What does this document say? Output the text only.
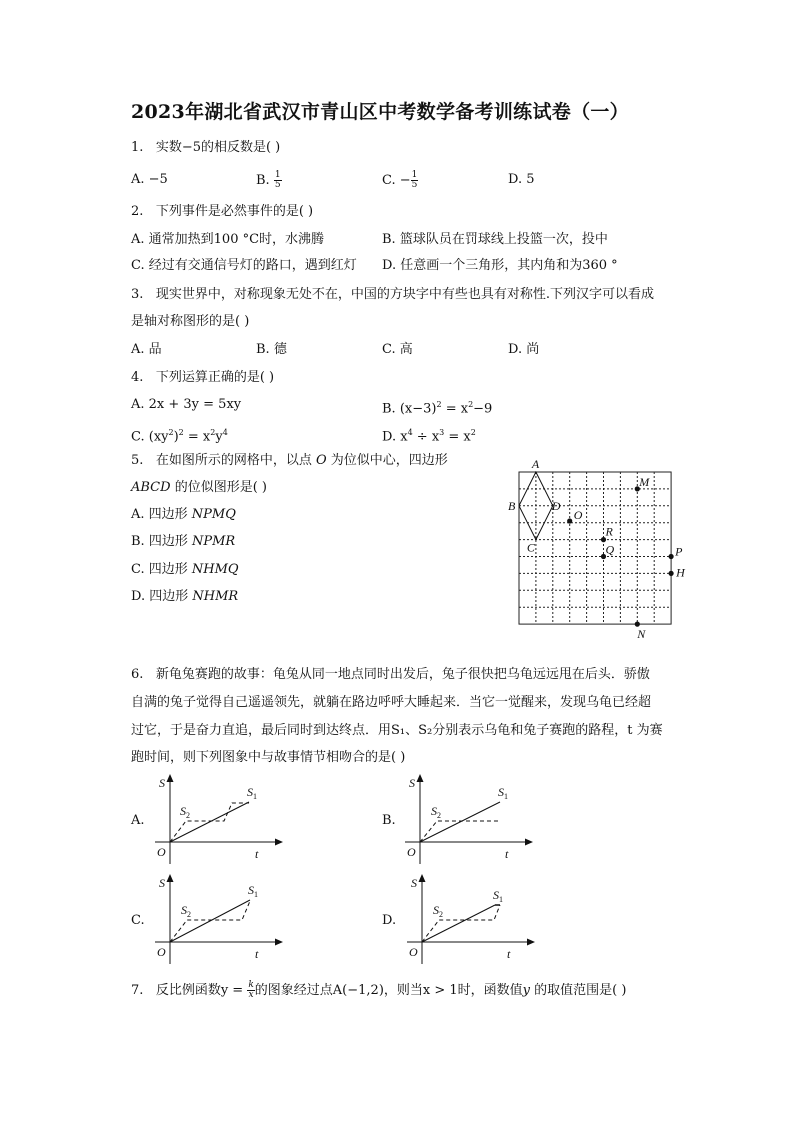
2023年湖北省武汉市青山区中考数学备考训练试卷（一）
1. 实数−5的相反数是( )
A. −5	B. $\frac{1}{5}$	C. − $\frac{1}{5}$	D. 5
2. 下列事件是必然事件的是( )
A. 通常加热到100 °C时，水沸腾	B. 篮球队员在罚球线上投篮一次，投中
C. 经过有交通信号灯的路口，遇到红灯 D. 任意画一个三角形，其内角和为360 °
3. 现实世界中，对称现象无处不在，中国的方块字中有些也具有对称性.下列汉字可以看成
是轴对称图形的是( )
A. 品	B. 德	C. 高	D. 尚
4. 下列运算正确的是( )
A. 2x + 3y = 5xy	B. $(x-3)^2 = x^2-9$
C. $(xy^2)^2 = x^2y^4$	D. $x^4 \div x^3 = x^2$
5. 在如图所示的网格中，以点 O 为位似中心，四边形
ABCD 的位似图形是( )
A. 四边形 NPMQ
B. 四边形 NPMR
C. 四边形 NHMQ
D. 四边形 NHMR
A
B
C
D
O
M
R
Q	P
H
N
6. 新龟兔赛跑的故事：龟兔从同一地点同时出发后，兔子很快把乌龟远远甩在后头．骄傲
自满的兔子觉得自己遥遥领先，就躺在路边呼呼大睡起来．当它一觉醒来，发现乌龟已经超
过它，于是奋力直追，最后同时到达终点．用S₁、S₂分别表示乌龟和兔子赛跑的路程，t 为赛
跑时间，则下列图象中与故事情节相吻合的是( )
A.	B.
C.	D.
S
t
O
$S_1$
$S_2$
S
t
O
$S_1$
$S_2$
S
t
O
$S_1$
$S_2$
S
t
O
$S_1$
$S_2$
7. 反比例函数$y = \frac{k}{x}$ 的图象经过点A(−1,2)，则当x > 1时，函数值y 的取值范围是( )
